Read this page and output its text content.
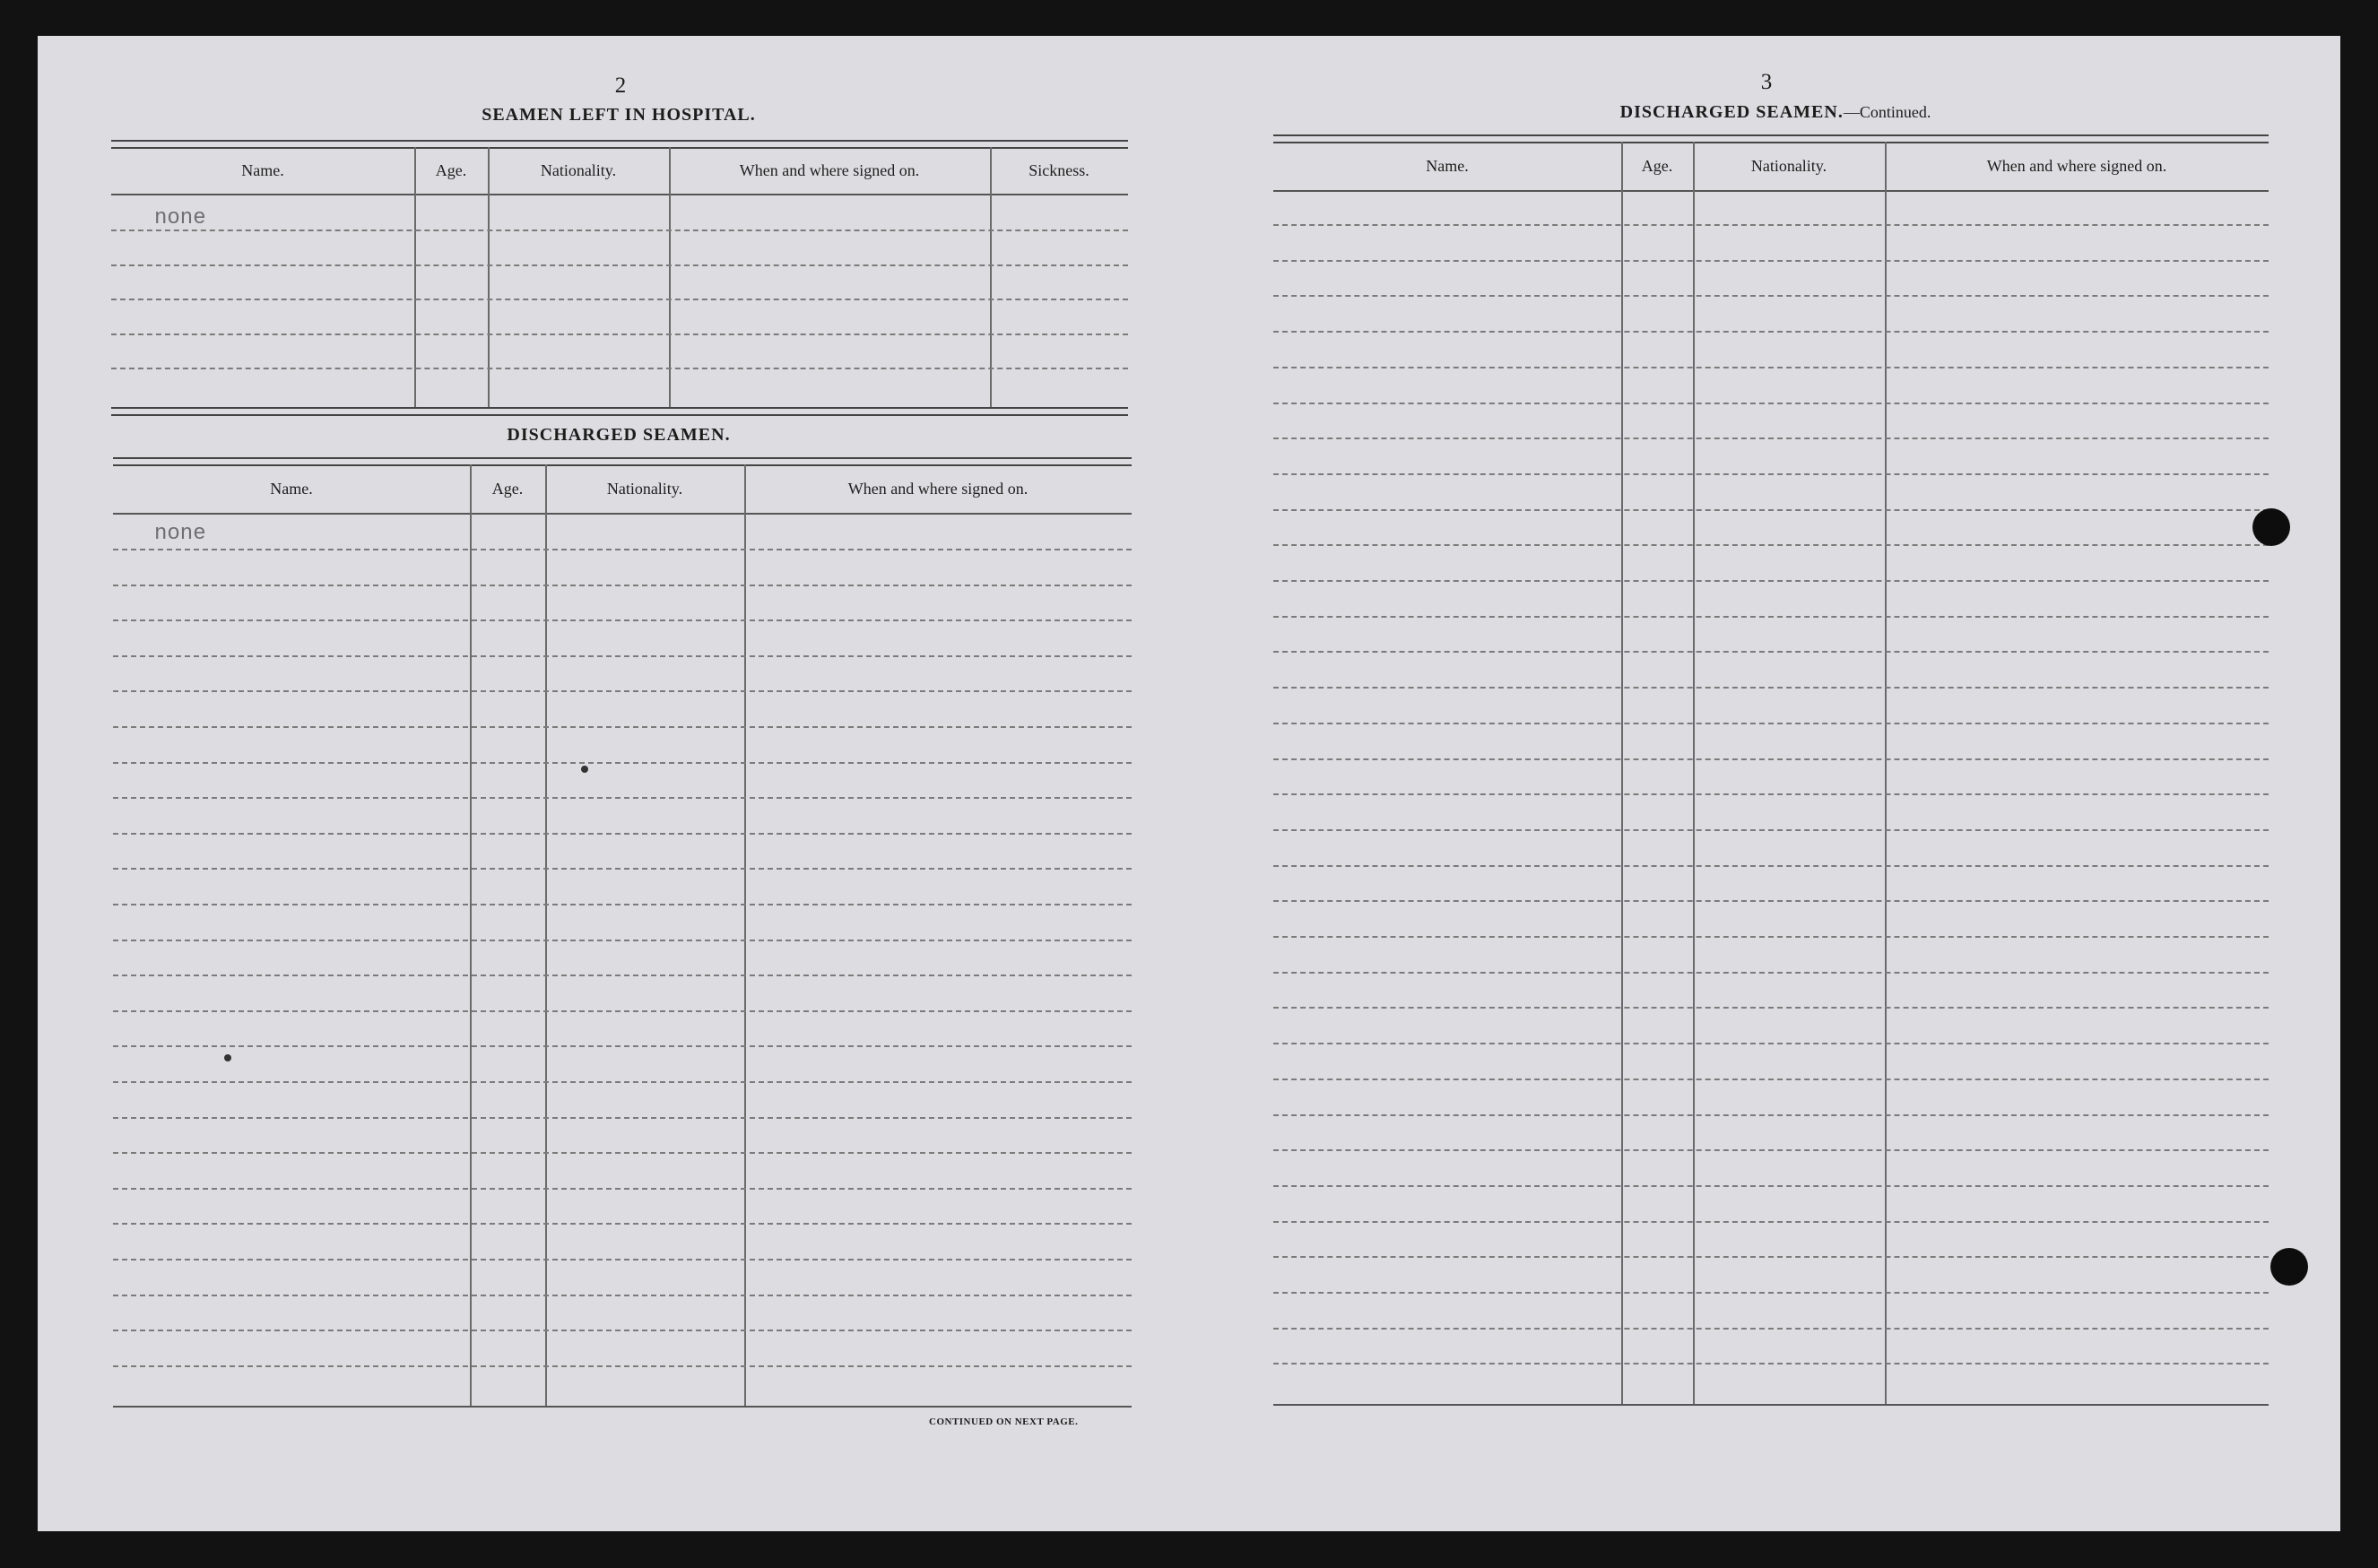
2
SEAMEN LEFT IN HOSPITAL.
Name.	Age.	Nationality.	When and where signed on.	Sickness.
none
DISCHARGED SEAMEN.
Name.	Age.	Nationality.	When and where signed on.
none
CONTINUED ON NEXT PAGE.
3
DISCHARGED SEAMEN.—Continued.
Name.	Age.	Nationality.	When and where signed on.
